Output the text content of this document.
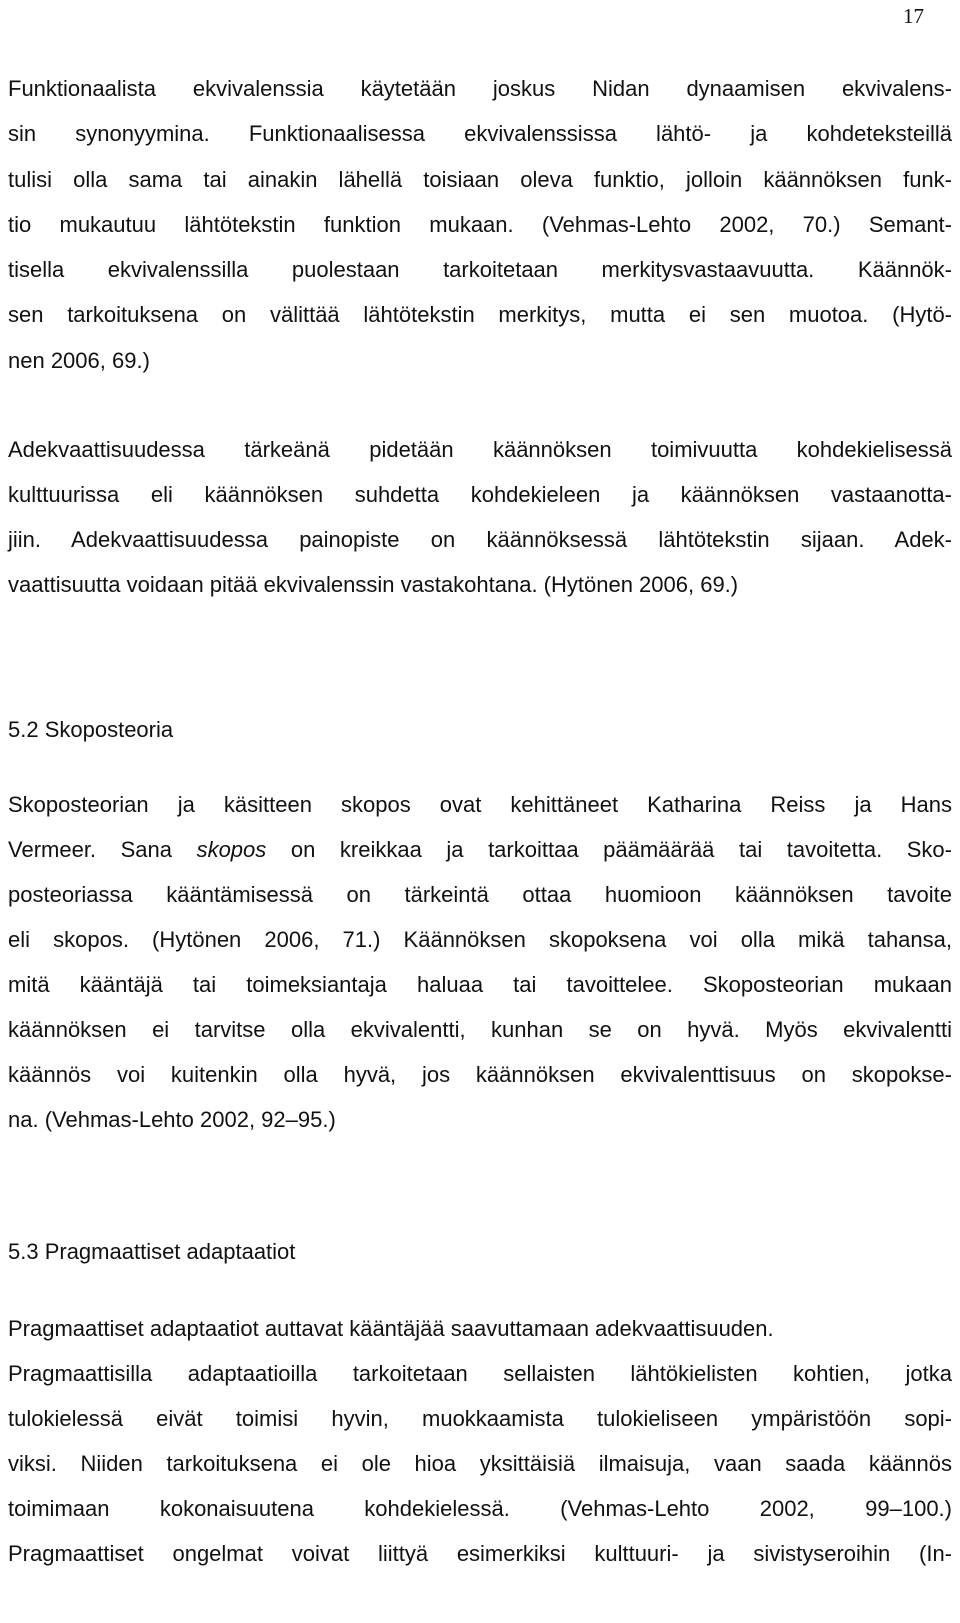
17
Funktionaalista ekvivalenssia käytetään joskus Nidan dynaamisen ekvivalens-
sin synonyymina. Funktionaalisessa ekvivalenssissa lähtö- ja kohdeteksteillä
tulisi olla sama tai ainakin lähellä toisiaan oleva funktio, jolloin käännöksen funk-
tio mukautuu lähtötekstin funktion mukaan. (Vehmas-Lehto 2002, 70.) Semant-
tisella ekvivalenssilla puolestaan tarkoitetaan merkitysvastaavuutta. Käännök-
sen tarkoituksena on välittää lähtötekstin merkitys, mutta ei sen muotoa. (Hytö-
nen 2006, 69.)
Adekvaattisuudessa tärkeänä pidetään käännöksen toimivuutta kohdekielisessä
kulttuurissa eli käännöksen suhdetta kohdekieleen ja käännöksen vastaanotta-
jiin. Adekvaattisuudessa painopiste on käännöksessä lähtötekstin sijaan. Adek-
vaattisuutta voidaan pitää ekvivalenssin vastakohtana. (Hytönen 2006, 69.)
5.2 Skoposteoria
Skoposteorian ja käsitteen skopos ovat kehittäneet Katharina Reiss ja Hans
Vermeer. Sana skopos on kreikkaa ja tarkoittaa päämäärää tai tavoitetta. Sko-
posteoriassa kääntämisessä on tärkeintä ottaa huomioon käännöksen tavoite
eli skopos. (Hytönen 2006, 71.) Käännöksen skopoksena voi olla mikä tahansa,
mitä kääntäjä tai toimeksiantaja haluaa tai tavoittelee. Skoposteorian mukaan
käännöksen ei tarvitse olla ekvivalentti, kunhan se on hyvä. Myös ekvivalentti
käännös voi kuitenkin olla hyvä, jos käännöksen ekvivalenttisuus on skopokse-
na. (Vehmas-Lehto 2002, 92–95.)
5.3 Pragmaattiset adaptaatiot
Pragmaattiset adaptaatiot auttavat kääntäjää saavuttamaan adekvaattisuuden.
Pragmaattisilla adaptaatioilla tarkoitetaan sellaisten lähtökielisten kohtien, jotka
tulokielessä eivät toimisi hyvin, muokkaamista tulokieliseen ympäristöön sopi-
viksi. Niiden tarkoituksena ei ole hioa yksittäisiä ilmaisuja, vaan saada käännös
toimimaan kokonaisuutena kohdekielessä. (Vehmas-Lehto 2002, 99–100.)
Pragmaattiset ongelmat voivat liittyä esimerkiksi kulttuuri- ja sivistyseroihin (In-
